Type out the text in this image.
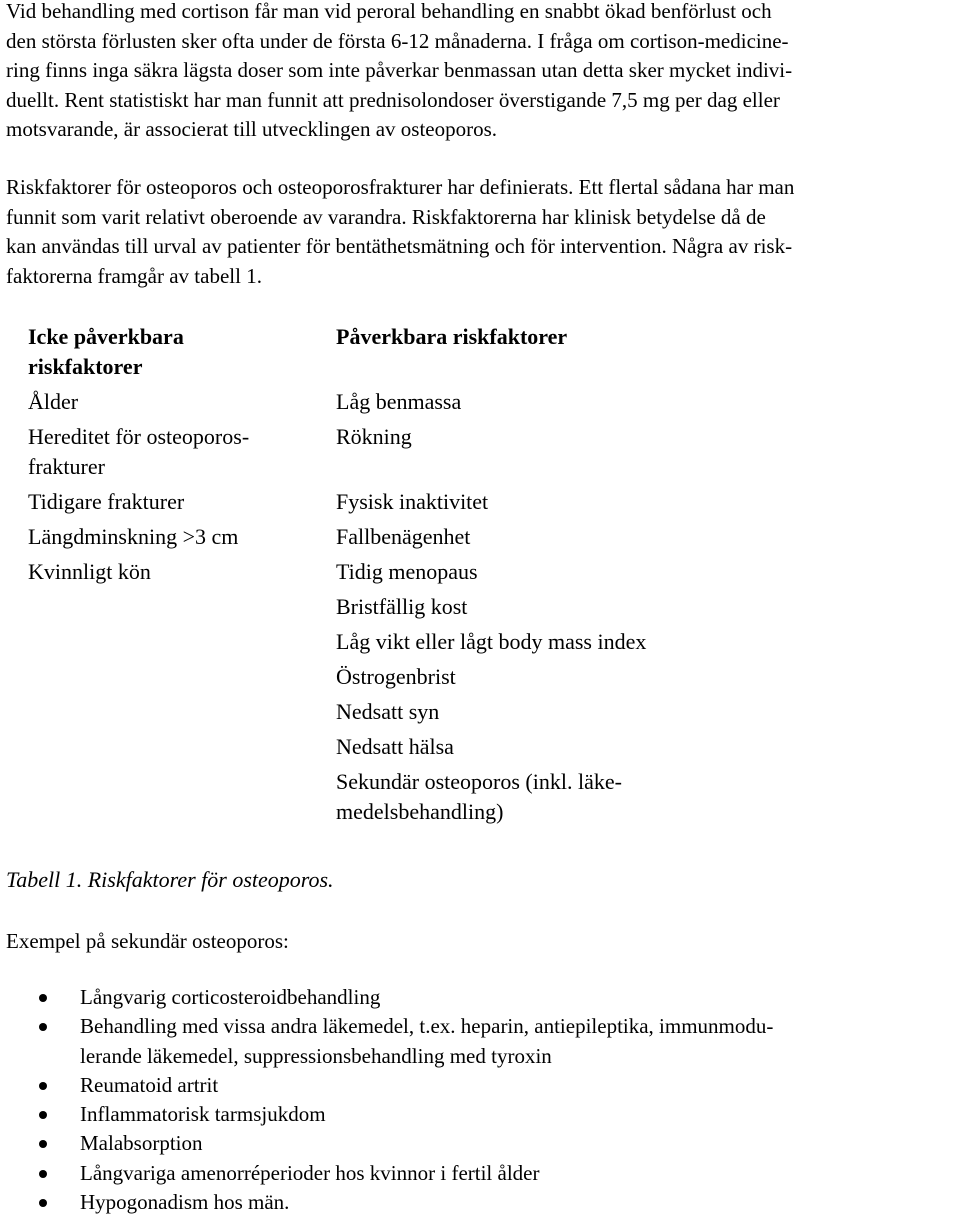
Vid behandling med cortison får man vid peroral behandling en snabbt ökad benförlust och
den största förlusten sker ofta under de första 6-12 månaderna. I fråga om cortison-medicine-
ring finns inga säkra lägsta doser som inte påverkar benmassan utan detta sker mycket indivi-
duellt. Rent statistiskt har man funnit att prednisolondoser överstigande 7,5 mg per dag eller
motsvarande, är associerat till utvecklingen av osteoporos.

Riskfaktorer för osteoporos och osteoporosfrakturer har definierats. Ett flertal sådana har man
funnit som varit relativt oberoende av varandra. Riskfaktorerna har klinisk betydelse då de
kan användas till urval av patienter för bentäthetsmätning och för intervention. Några av risk-
faktorerna framgår av tabell 1.

Icke påverkbara
riskfaktorer
Ålder
Hereditet för osteoporos-
frakturer
Tidigare frakturer
Längdminskning >3 cm
Kvinnligt kön
Påverkbara riskfaktorer
Låg benmassa
Rökning
Fysisk inaktivitet
Fallbenägenhet
Tidig menopaus
Bristfällig kost
Låg vikt eller lågt body mass index
Östrogenbrist
Nedsatt syn
Nedsatt hälsa
Sekundär osteoporos (inkl. läke-
medelsbehandling)
Tabell 1. Riskfaktorer för osteoporos.
Exempel på sekundär osteoporos:
Långvarig corticosteroidbehandling
Behandling med vissa andra läkemedel, t.ex. heparin, antiepileptika, immunmodu-
lerande läkemedel, suppressionsbehandling med tyroxin
Reumatoid artrit
Inflammatorisk tarmsjukdom
Malabsorption
Långvariga amenorréperioder hos kvinnor i fertil ålder
Hypogonadism hos män.
